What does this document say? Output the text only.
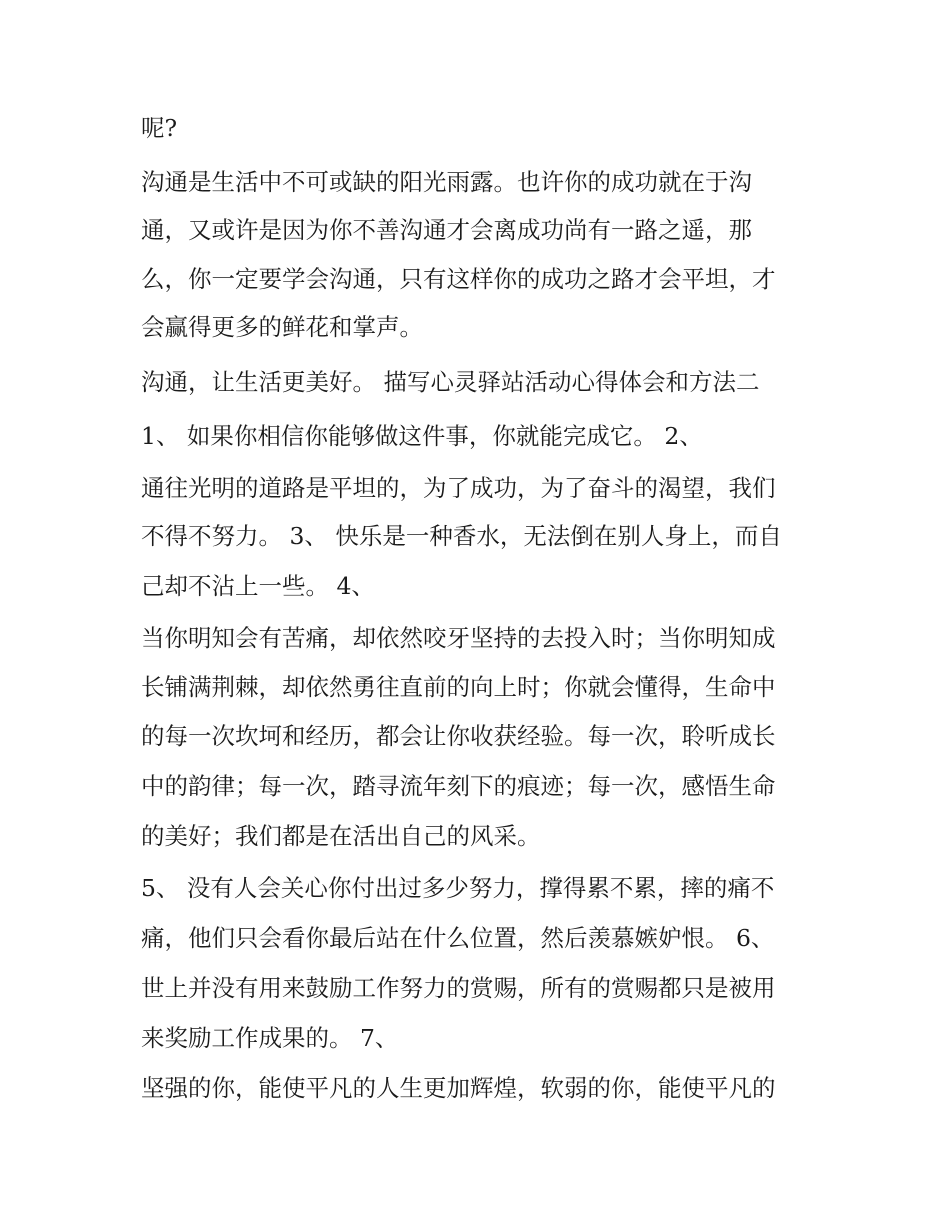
呢?
沟通是生活中不可或缺的阳光雨露。也许你的成功就在于沟
通，又或许是因为你不善沟通才会离成功尚有一路之遥，那
么，你一定要学会沟通，只有这样你的成功之路才会平坦，才
会赢得更多的鲜花和掌声。
沟通，让生活更美好。 描写心灵驿站活动心得体会和方法二
1、 如果你相信你能够做这件事，你就能完成它。 2、
通往光明的道路是平坦的，为了成功，为了奋斗的渴望，我们
不得不努力。 3、 快乐是一种香水，无法倒在别人身上，而自
己却不沾上一些。 4、
当你明知会有苦痛，却依然咬牙坚持的去投入时；当你明知成
长铺满荆棘，却依然勇往直前的向上时；你就会懂得，生命中
的每一次坎坷和经历，都会让你收获经验。每一次，聆听成长
中的韵律；每一次，踏寻流年刻下的痕迹；每一次，感悟生命
的美好；我们都是在活出自己的风采。
5、 没有人会关心你付出过多少努力，撑得累不累，摔的痛不
痛，他们只会看你最后站在什么位置，然后羡慕嫉妒恨。 6、
世上并没有用来鼓励工作努力的赏赐，所有的赏赐都只是被用
来奖励工作成果的。 7、
坚强的你，能使平凡的人生更加辉煌，软弱的你，能使平凡的
